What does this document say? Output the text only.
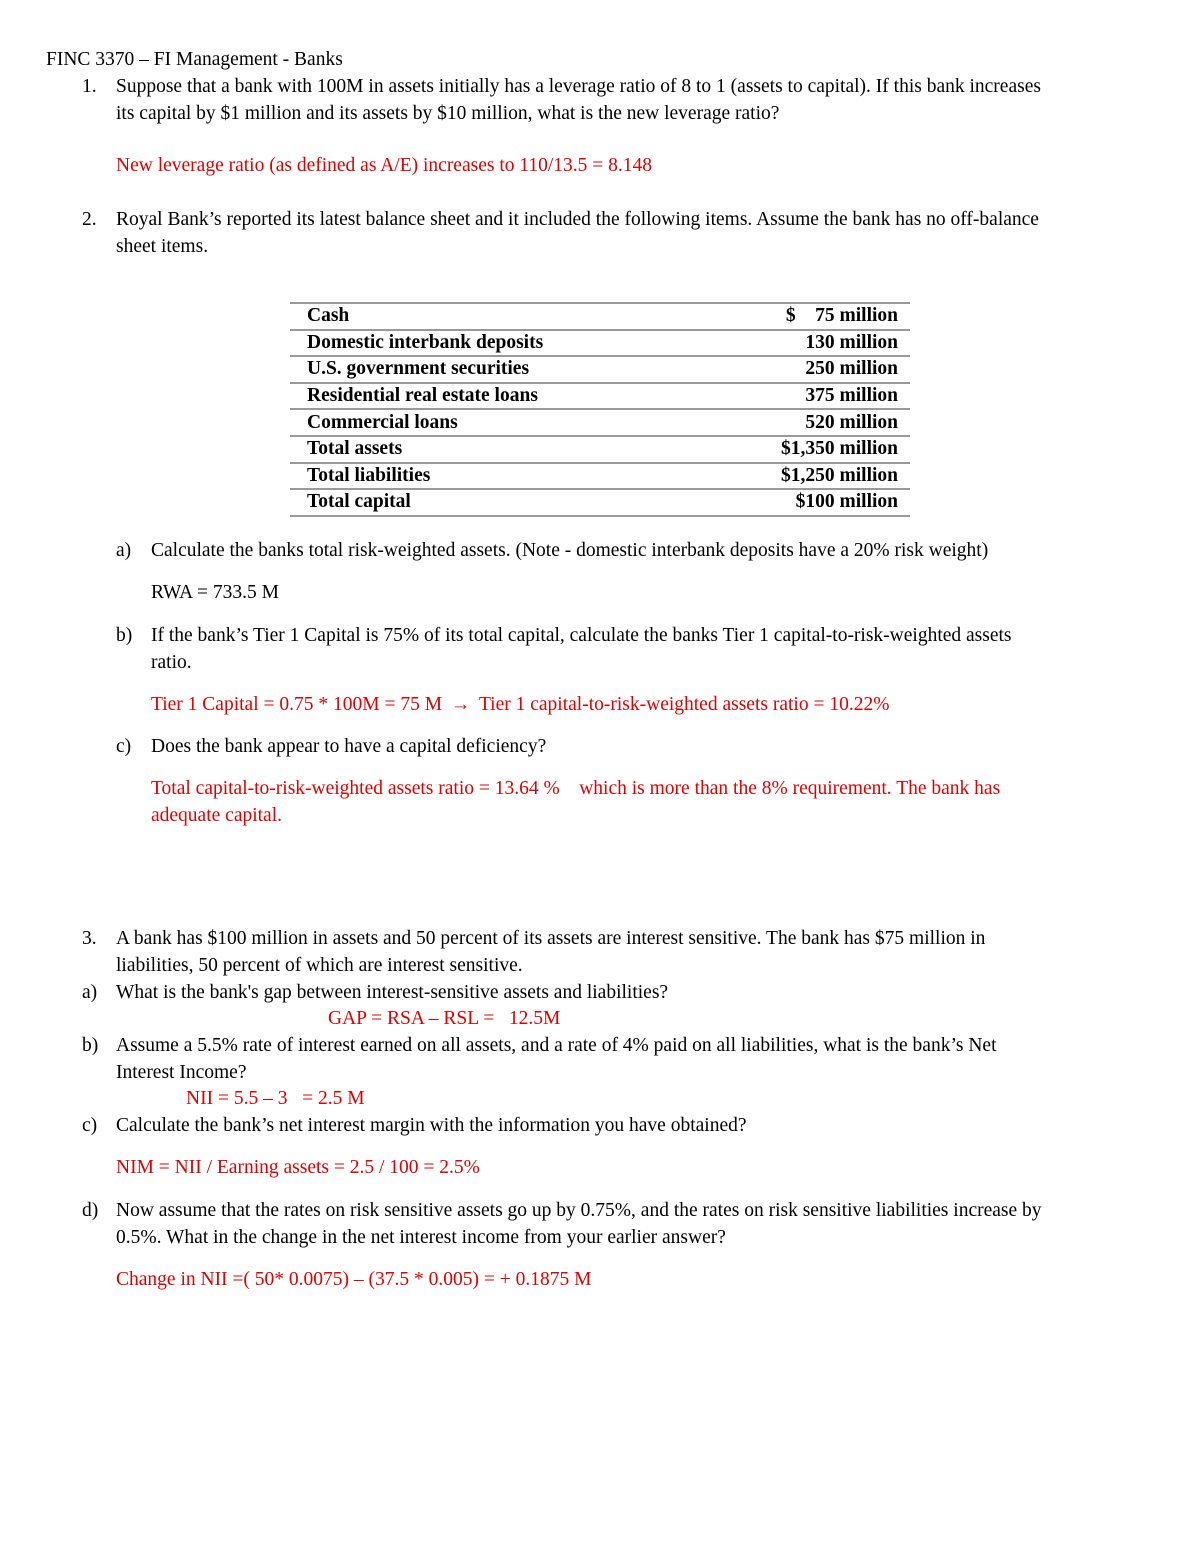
FINC 3370 – FI Management - Banks
1. Suppose that a bank with 100M in assets initially has a leverage ratio of 8 to 1 (assets to capital). If this bank increases
its capital by $1 million and its assets by $10 million, what is the new leverage ratio?
New leverage ratio (as defined as A/E) increases to 110/13.5 = 8.148
2. Royal Bank’s reported its latest balance sheet and it included the following items. Assume the bank has no off-balance
sheet items.
Cash	$    75 million
Domestic interbank deposits	130 million
U.S. government securities	250 million
Residential real estate loans	375 million
Commercial loans	520 million
Total assets	$1,350 million
Total liabilities	$1,250 million
Total capital	$100 million
a) Calculate the banks total risk-weighted assets. (Note - domestic interbank deposits have a 20% risk weight)
RWA = 733.5 M
b) If the bank’s Tier 1 Capital is 75% of its total capital, calculate the banks Tier 1 capital-to-risk-weighted assets
ratio.
Tier 1 Capital = 0.75 * 100M = 75 M → Tier 1 capital-to-risk-weighted assets ratio = 10.22%
c) Does the bank appear to have a capital deficiency?
Total capital-to-risk-weighted assets ratio = 13.64 %    which is more than the 8% requirement. The bank has
adequate capital.
3. A bank has $100 million in assets and 50 percent of its assets are interest sensitive. The bank has $75 million in
liabilities, 50 percent of which are interest sensitive.
a) What is the bank's gap between interest-sensitive assets and liabilities?
GAP = RSA – RSL =   12.5M
b) Assume a 5.5% rate of interest earned on all assets, and a rate of 4% paid on all liabilities, what is the bank’s Net
Interest Income?
NII = 5.5 – 3   = 2.5 M
c) Calculate the bank’s net interest margin with the information you have obtained?
NIM = NII / Earning assets = 2.5 / 100 = 2.5%
d) Now assume that the rates on risk sensitive assets go up by 0.75%, and the rates on risk sensitive liabilities increase by
0.5%. What in the change in the net interest income from your earlier answer?
Change in NII =( 50* 0.0075) – (37.5 * 0.005) = + 0.1875 M
